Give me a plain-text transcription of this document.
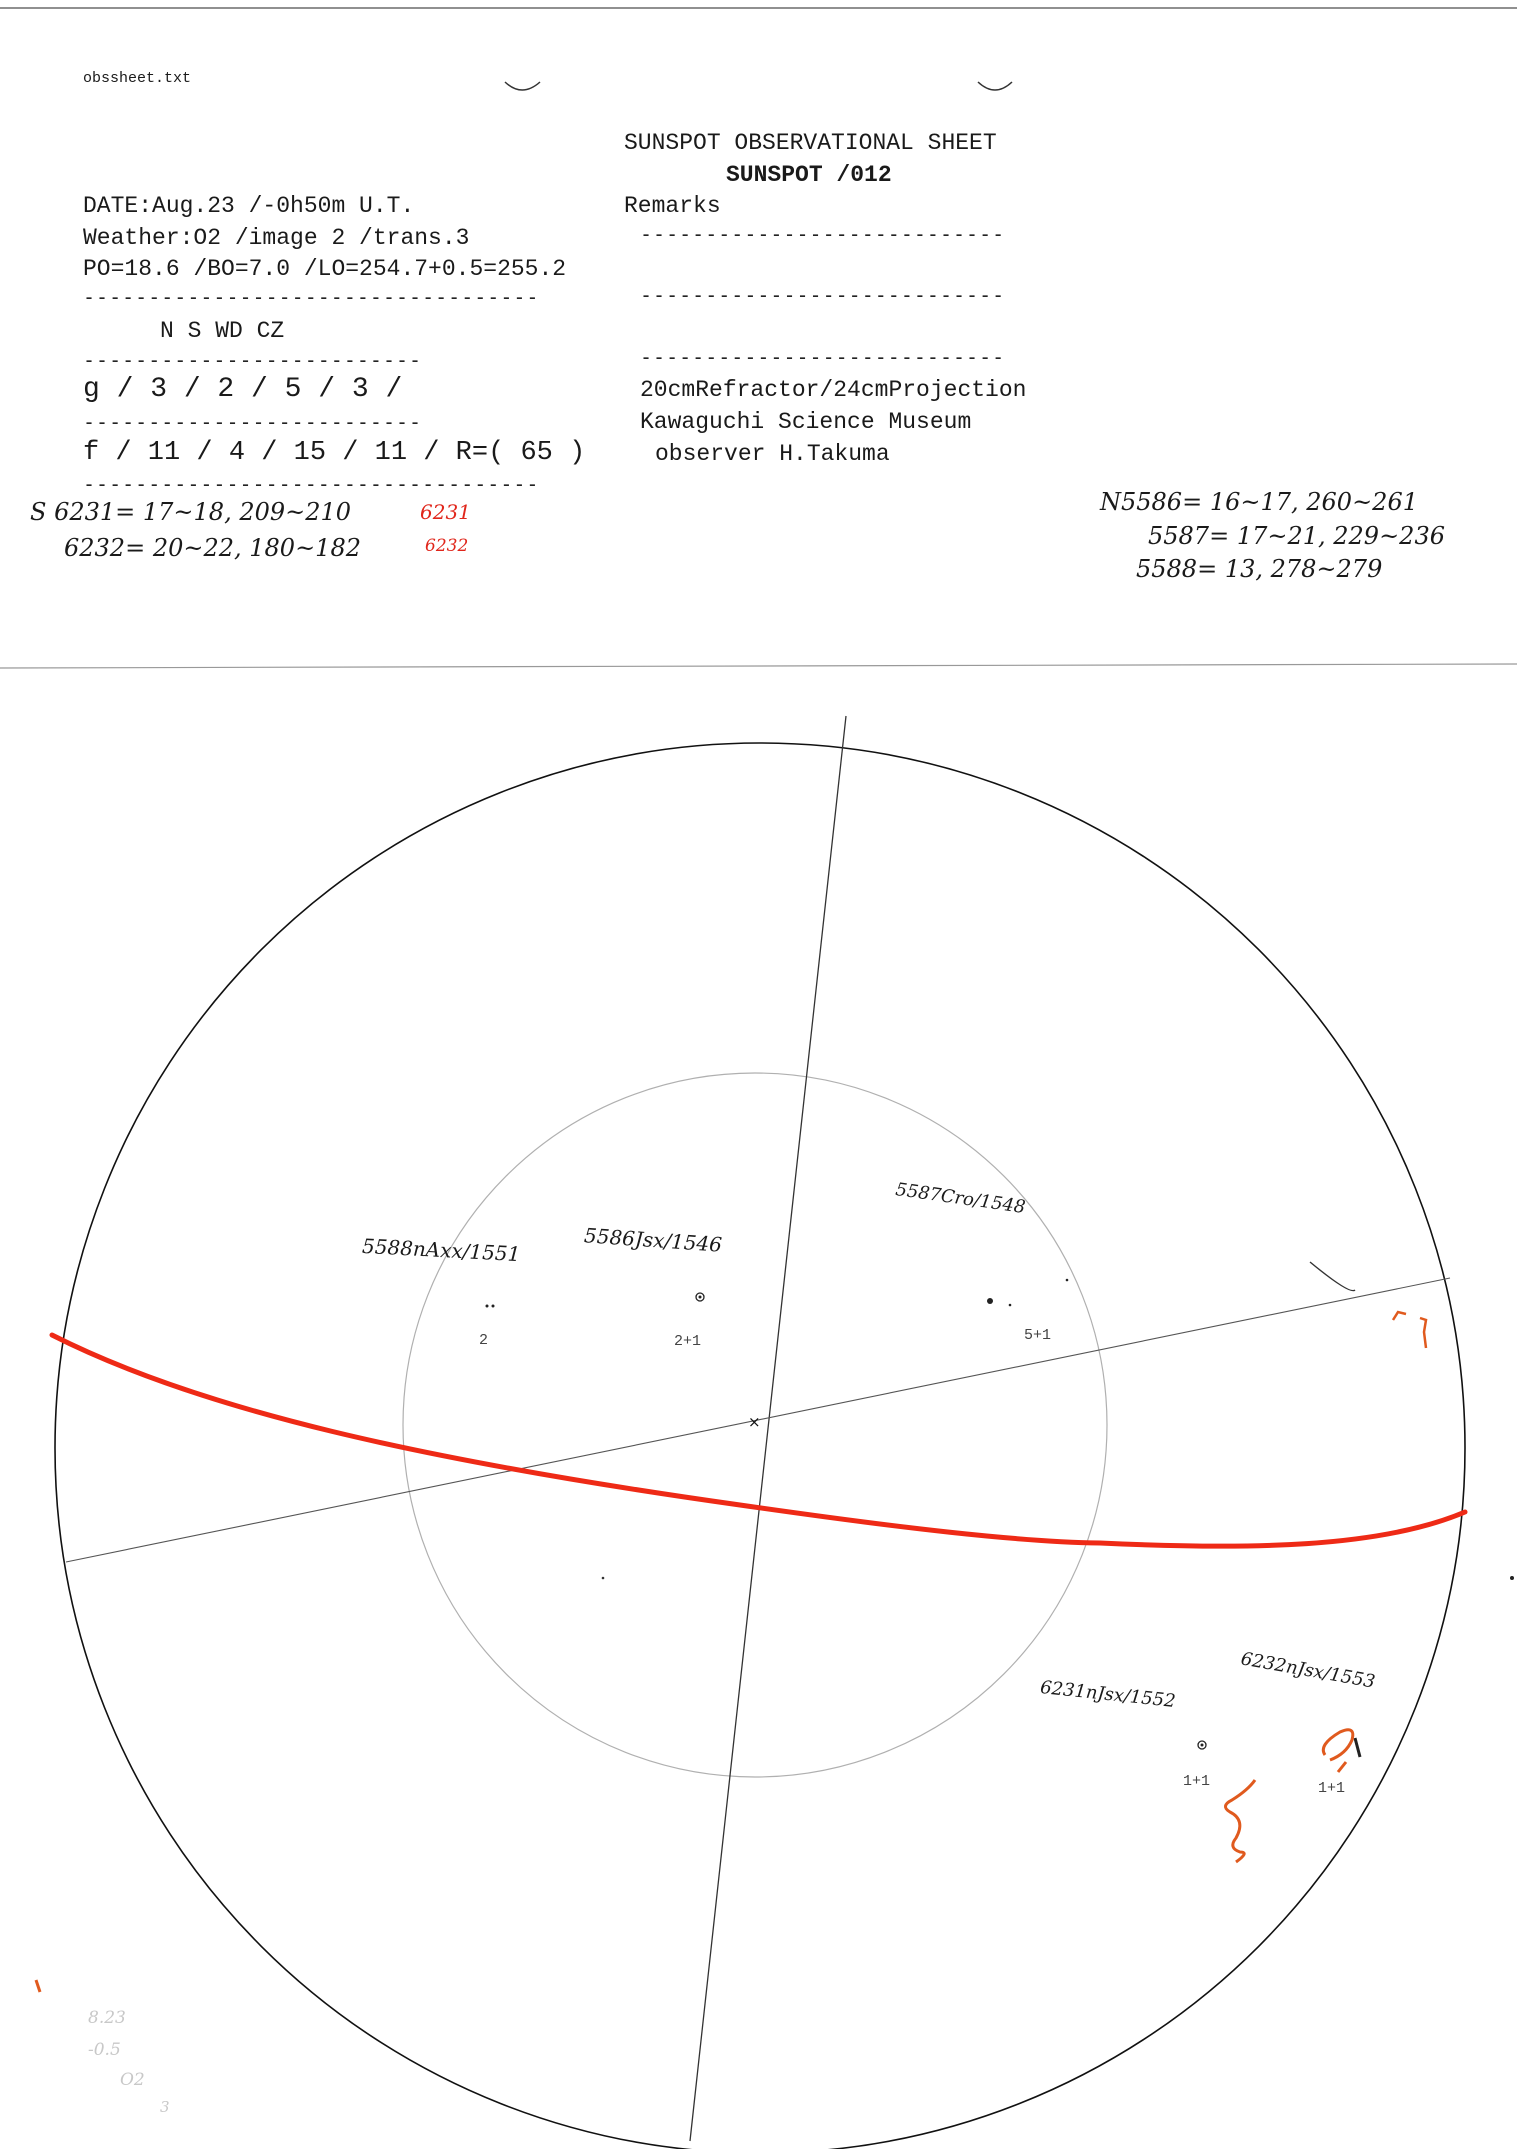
×
obssheet.txt
SUNSPOT OBSERVATIONAL SHEET
SUNSPOT /012
Remarks
----------------------------
----------------------------
----------------------------
20cmRefractor/24cmProjection
Kawaguchi Science Museum
observer H.Takuma
DATE:Aug.23 /-0h50m U.T.
Weather:O2 /image 2 /trans.3
PO=18.6 /BO=7.0 /LO=254.7+0.5=255.2
-----------------------------------
N S WD CZ
--------------------------
g / 3 / 2 / 5 / 3 /
--------------------------
f / 11 / 4 / 15 / 11 / R=( 65 )
-----------------------------------
S 6231= 17~18, 209~210	6231
6232= 20~22, 180~182	6232
N5586= 16~17, 260~261
5587= 17~21, 229~236
5588= 13, 278~279
5588nAxx/1551
2
5586Jsx/1546
2+1
5587Cro/1548
5+1
6231nJsx/1552
1+1
6232nJsx/1553
1+1
8.23
-0.5
O2
3
